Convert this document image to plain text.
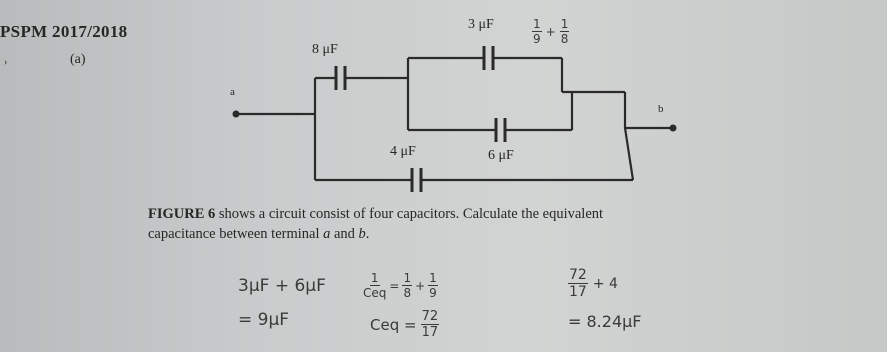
PSPM 2017/2018
›	(a)
a
b
8 μF
3 μF
4 μF	6 μF
$\frac{1}{9} + \frac{1}{8}$
FIGURE 6 shows a circuit consist of four capacitors. Calculate the equivalent
capacitance between terminal a and b.
3μF + 6μF
= 9μF
$\frac{1}{\text{Ceq}} = \frac{1}{8} + \frac{1}{9}$
Ceq = $\frac{72}{17}$
$\frac{72}{17} + 4$
= 8.24μF
